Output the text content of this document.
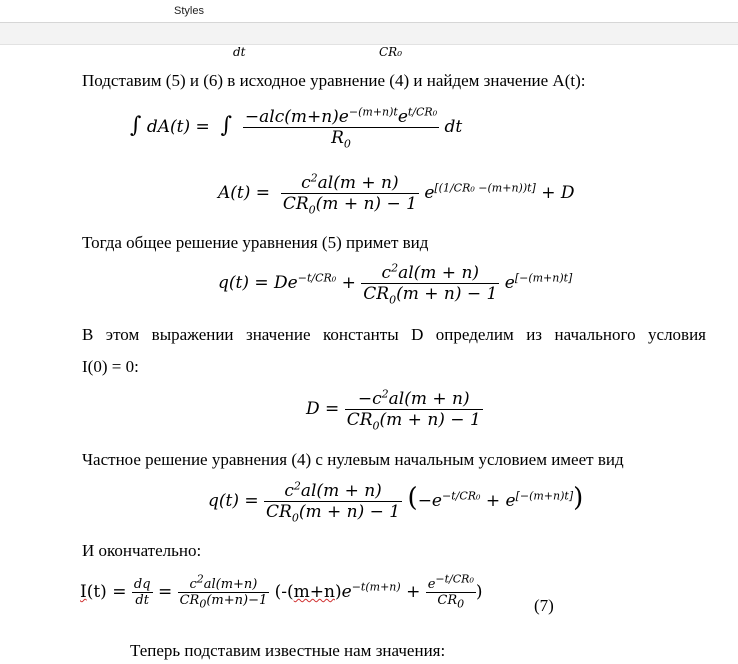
Styles
dt	CR₀
Подставим (5) и (6) в исходное уравнение (4) и найдем значение A(t):
∫ dA(t) = ∫ $\frac{-alc(m+n)e^{-(m+n)t}e^{t/CR_0}}{R_0}$ dt
$A(t) = \frac{c^2al(m + n)}{CR_0(m + n) - 1} e[(1/CR_0 -(m+n))t] + D$
Тогда общее решение уравнения (5) примет вид
$q(t) = De^{-t/CR_0} + \frac{c^2al(m + n)}{CR_0(m + n) - 1} e[-(m+n)t]$
В этом выражении значение константы D определим из начального условия
I(0) = 0:
$D = \frac{-c^2al(m + n)}{CR_0(m + n) - 1}$
Частное решение уравнения (4) с нулевым начальным условием имеет вид
$q(t) = \frac{c^2al(m + n)}{CR_0(m + n) - 1} (-e^{-t/CR_0} + e[-(m+n)t])$
И окончательно:
$I(t) = \frac{dq}{dt} = \frac{c^2al(m+n)}{CR_0(m+n)-1} (-(m+n)e^{-t(m+n)} + \frac{e^{-t/CR_0}}{CR_0}$ )
(7)
Теперь подставим известные нам значения:
